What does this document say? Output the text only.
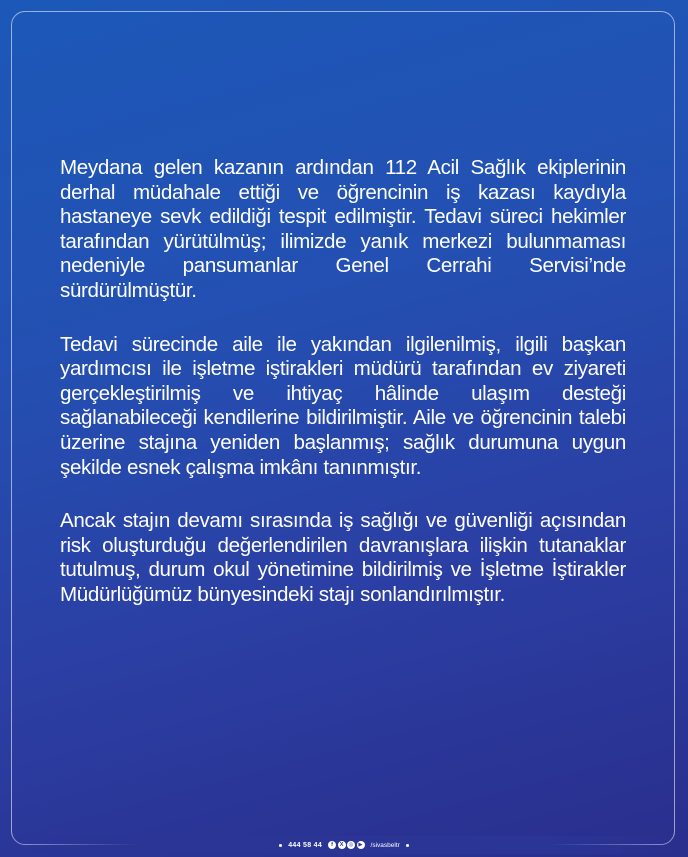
Meydana gelen kazanın ardından 112 Acil Sağlık ekiplerinin derhal müdahale ettiği ve öğrencinin iş kazası kaydıyla hastaneye sevk edildiği tespit edilmiştir. Tedavi süreci hekimler tarafından yürütülmüş; ilimizde yanık merkezi bulunmaması nedeniyle pansumanlar Genel Cerrahi Servisi’nde sürdürülmüştür.

Tedavi sürecinde aile ile yakından ilgilenilmiş, ilgili başkan yardımcısı ile işletme iştirakleri müdürü tarafından ev ziyareti gerçekleştirilmiş ve ihtiyaç hâlinde ulaşım desteği sağlanabileceği kendilerine bildirilmiştir. Aile ve öğrencinin talebi üzerine stajına yeniden başlanmış; sağlık durumuna uygun şekilde esnek çalışma imkânı tanınmıştır.

Ancak stajın devamı sırasında iş sağlığı ve güvenliği açısından risk oluşturduğu değerlendirilen davranışlara ilişkin tutanaklar tutulmuş, durum okul yönetimine bildirilmiş ve İşletme İştirakler Müdürlüğümüz bünyesindeki stajı sonlandırılmıştır.

444 58 44	f	X ◎ ▶ /sivasbeltr
